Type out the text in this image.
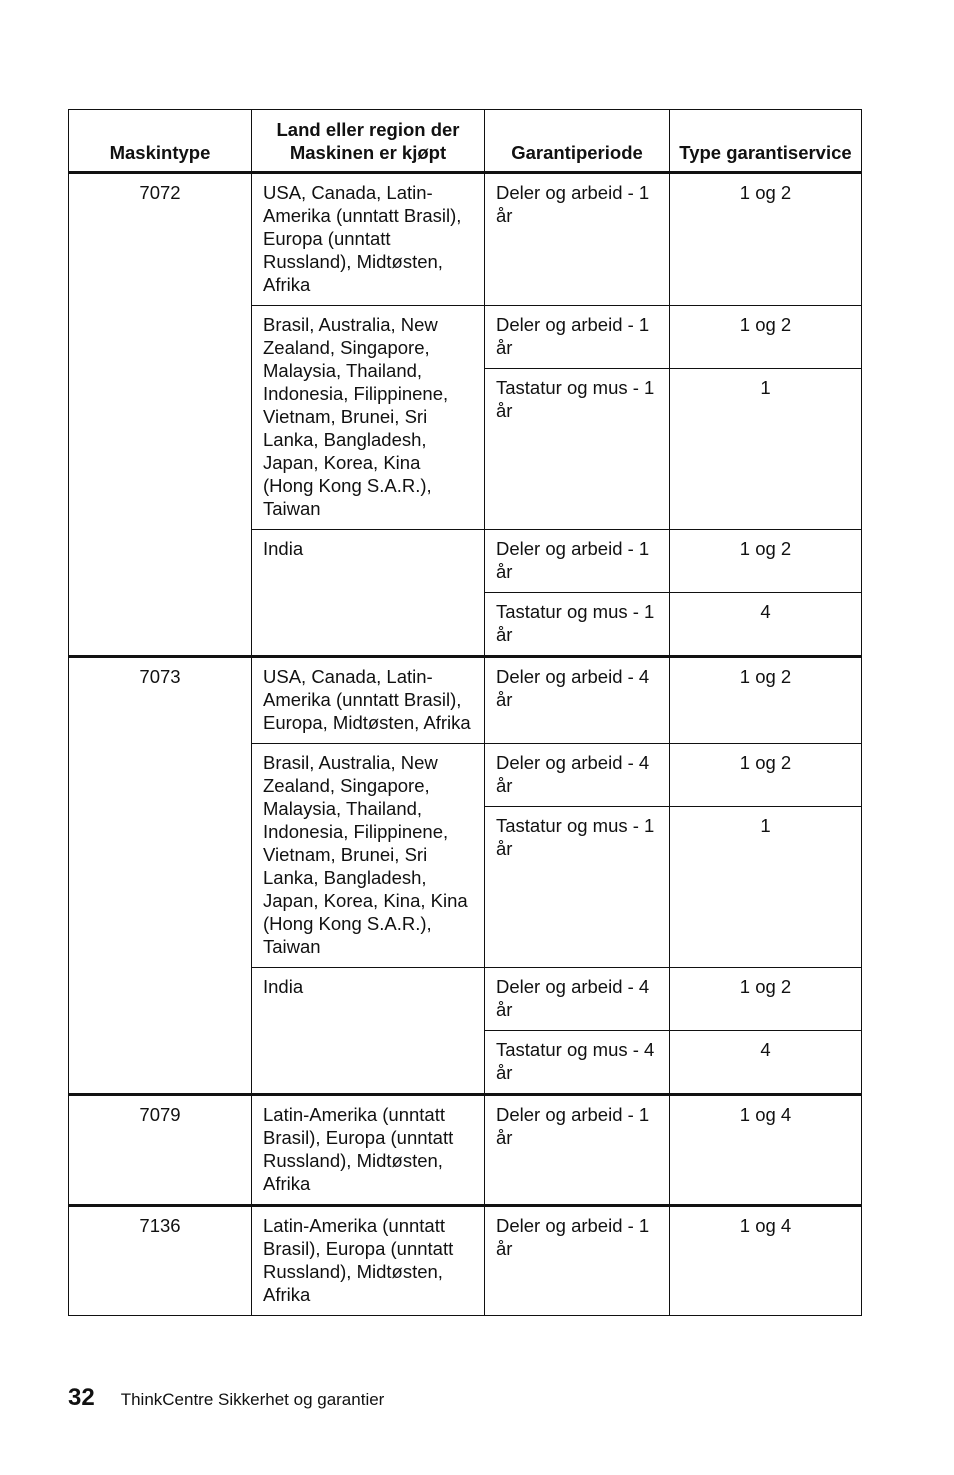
Maskintype	Land eller region der Maskinen er kjøpt	Garantiperiode	Type garantiservice
7072	USA, Canada, Latin-Amerika (unntatt Brasil), Europa (unntatt Russland), Midtøsten, Afrika	Deler og arbeid - 1 år	1 og 2
	Brasil, Australia, New Zealand, Singapore, Malaysia, Thailand, Indonesia, Filippinene, Vietnam, Brunei, Sri Lanka, Bangladesh, Japan, Korea, Kina (Hong Kong S.A.R.), Taiwan	Deler og arbeid - 1 år	1 og 2
		Tastatur og mus - 1 år	1
	India	Deler og arbeid - 1 år	1 og 2
		Tastatur og mus - 1 år	4
7073	USA, Canada, Latin-Amerika (unntatt Brasil), Europa, Midtøsten, Afrika	Deler og arbeid - 4 år	1 og 2
	Brasil, Australia, New Zealand, Singapore, Malaysia, Thailand, Indonesia, Filippinene, Vietnam, Brunei, Sri Lanka, Bangladesh, Japan, Korea, Kina, Kina (Hong Kong S.A.R.), Taiwan	Deler og arbeid - 4 år	1 og 2
		Tastatur og mus - 1 år	1
	India	Deler og arbeid - 4 år	1 og 2
		Tastatur og mus - 4 år	4
7079	Latin-Amerika (unntatt Brasil), Europa (unntatt Russland), Midtøsten, Afrika	Deler og arbeid - 1 år	1 og 4
7136	Latin-Amerika (unntatt Brasil), Europa (unntatt Russland), Midtøsten, Afrika	Deler og arbeid - 1 år	1 og 4
32 ThinkCentre Sikkerhet og garantier
